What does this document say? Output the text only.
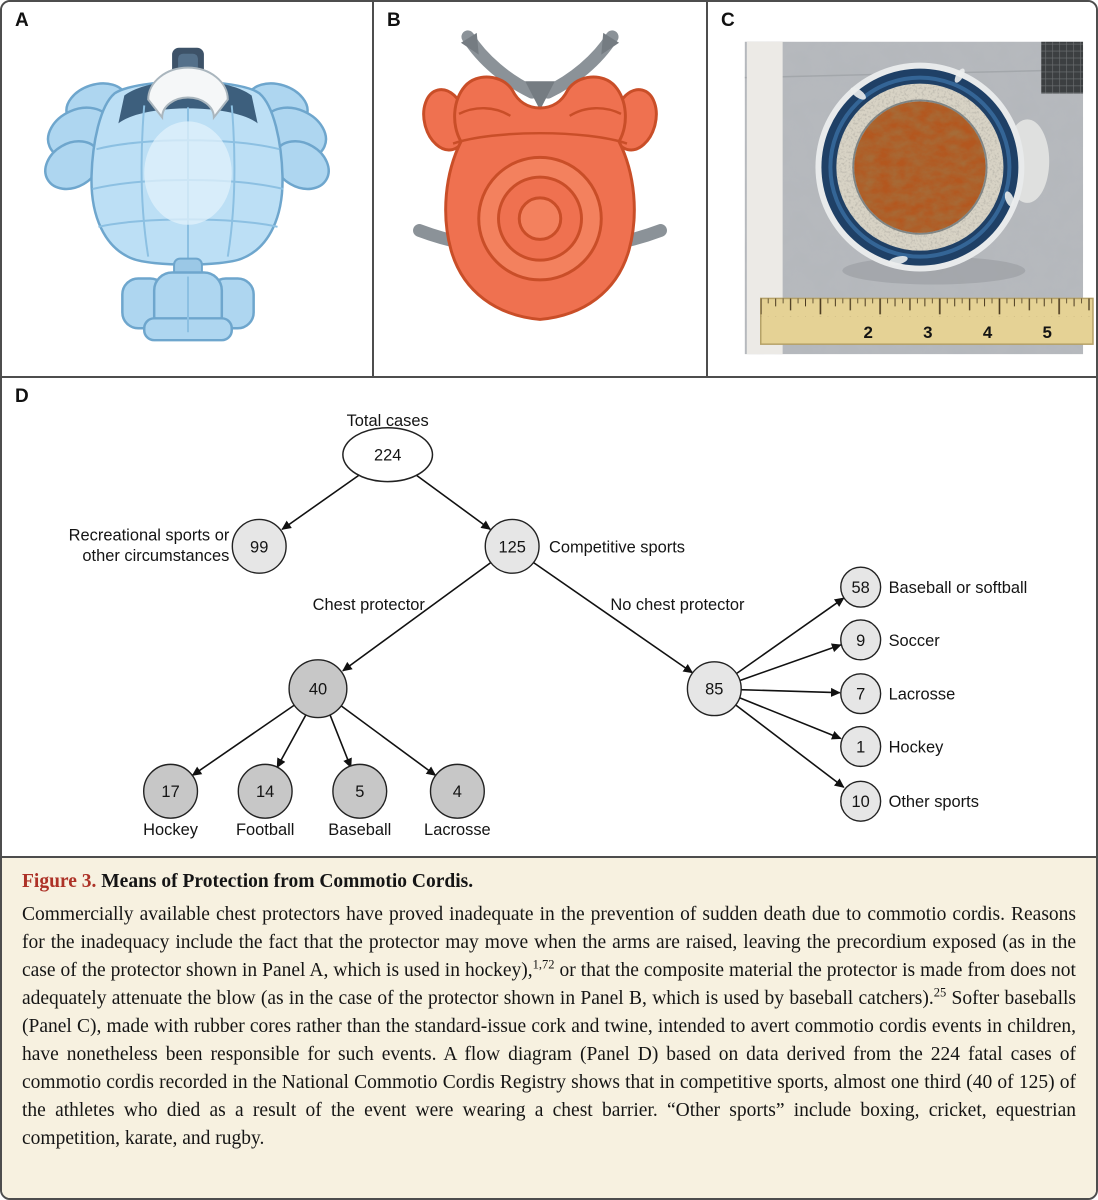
A	B	C
2	3	4	5
D
224
99	125
40	85
17	14	5	4
58
9
7
1
10
Total cases
Recreational sports or
other circumstances	Competitive sports
Chest protector	No chest protector
Hockey Football Baseball Lacrosse
Baseball or softball
Soccer
Lacrosse
Hockey
Other sports

Figure 3. Means of Protection from Commotio Cordis.

Commercially available chest protectors have proved inadequate in the prevention of sudden death due to commotio cordis. Reasons for the inadequacy include the fact that the protector may move when the arms are raised, leaving the precordium exposed (as in the case of the protector shown in Panel A, which is used in hockey),$^{1,72}$ or that the composite material the protector is made from does not adequately attenuate the blow (as in the case of the protector shown in Panel B, which is used by baseball catchers).$^{25}$ Softer baseballs (Panel C), made with rubber cores rather than the standard-issue cork and twine, intended to avert commotio cordis events in children, have nonetheless been responsible for such events. A flow diagram (Panel D) based on data derived from the 224 fatal cases of commotio cordis recorded in the National Commotio Cordis Registry shows that in competitive sports, almost one third (40 of 125) of the athletes who died as a result of the event were wearing a chest barrier. “Other sports” include boxing, cricket, equestrian competition, karate, and rugby.
